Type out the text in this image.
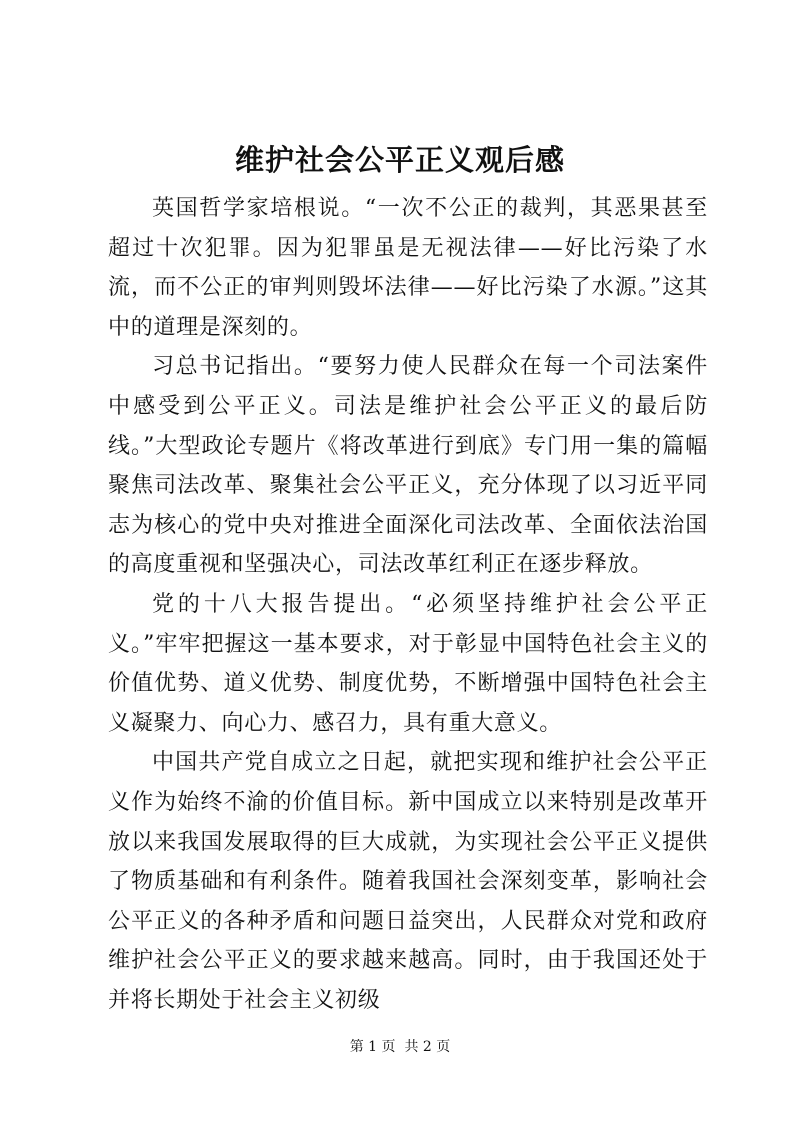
维护社会公平正义观后感

英国哲学家培根说。“一次不公正的裁判，其恶果甚至超过十次犯罪。因为犯罪虽是无视法律——好比污染了水流，而不公正的审判则毁坏法律——好比污染了水源。”这其中的道理是深刻的。

习总书记指出。“要努力使人民群众在每一个司法案件中感受到公平正义。司法是维护社会公平正义的最后防线。”大型政论专题片《将改革进行到底》专门用一集的篇幅聚焦司法改革、聚集社会公平正义，充分体现了以习近平同志为核心的党中央对推进全面深化司法改革、全面依法治国的高度重视和坚强决心，司法改革红利正在逐步释放。

党的十八大报告提出。“必须坚持维护社会公平正义。”牢牢把握这一基本要求，对于彰显中国特色社会主义的价值优势、道义优势、制度优势，不断增强中国特色社会主义凝聚力、向心力、感召力，具有重大意义。

中国共产党自成立之日起，就把实现和维护社会公平正义作为始终不渝的价值目标。新中国成立以来特别是改革开放以来我国发展取得的巨大成就，为实现社会公平正义提供了物质基础和有利条件。随着我国社会深刻变革，影响社会公平正义的各种矛盾和问题日益突出，人民群众对党和政府维护社会公平正义的要求越来越高。同时，由于我国还处于并将长期处于社会主义初级

第 1 页  共 2 页
